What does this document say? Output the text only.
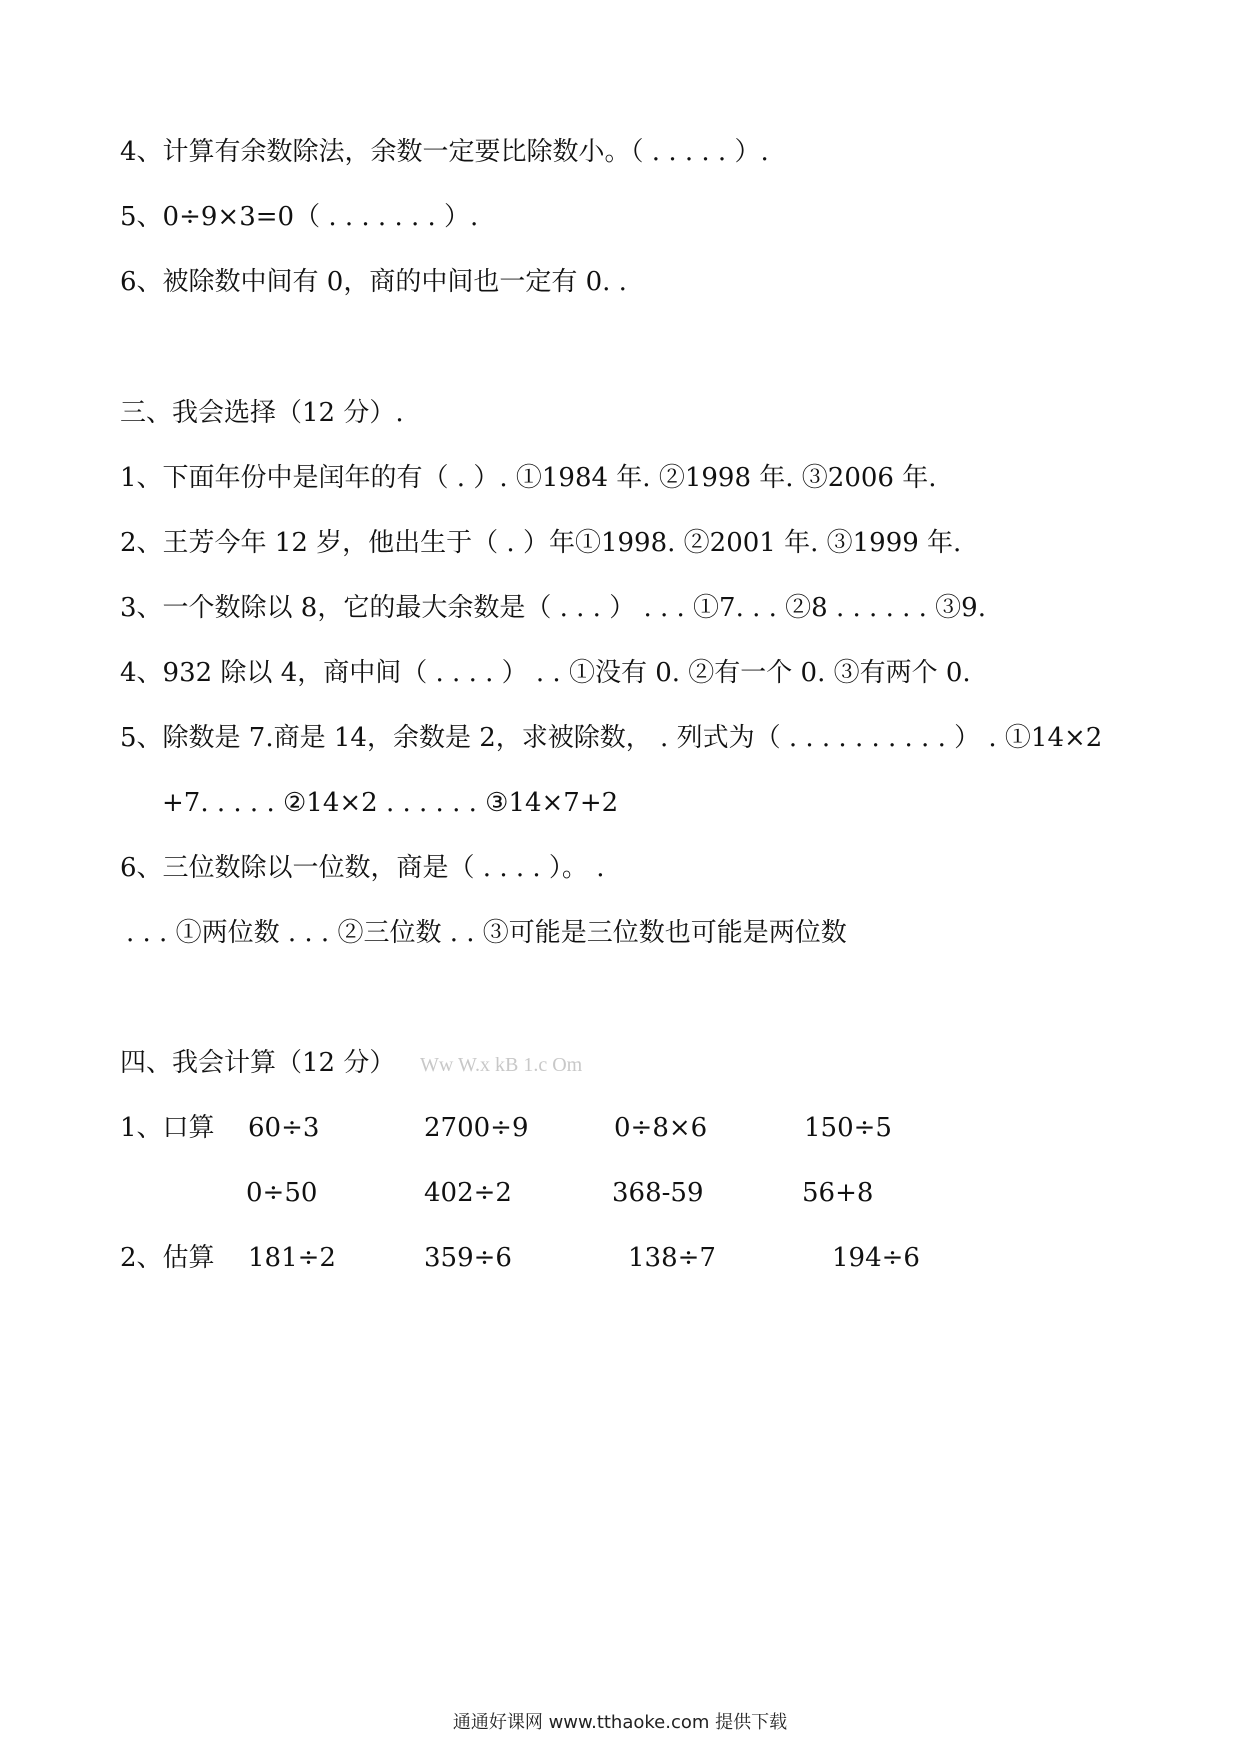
4、计算有余数除法，余数一定要比除数小。（ . . . . . ）.
5、0÷9×3=0（ . . . . . . . ）.
6、被除数中间有 0，商的中间也一定有 0. .
三、我会选择（12 分）.
1、下面年份中是闰年的有（ . ）. ①1984 年. ②1998 年. ③2006 年.
2、王芳今年 12 岁，他出生于（ . ）年①1998. ②2001 年. ③1999 年.
3、一个数除以 8，它的最大余数是（ . . . ） . . . ①7. . . ②8 . . . . . . ③9.
4、932 除以 4，商中间（ . . . . ） . . ①没有 0. ②有一个 0. ③有两个 0.
5、除数是 7.商是 14，余数是 2，求被除数， . 列式为（ . . . . . . . . . . ） . ①14×2
+7. . . . . ②14×2 . . . . . . ③14×7+2
6、三位数除以一位数，商是（ . . . . ）。 .
. . . ①两位数 . . . ②三位数 . . ③可能是三位数也可能是两位数
四、我会计算（12 分） Ww W.x kB 1.c Om
1、口算 60÷3	2700÷9	0÷8×6	150÷5
0÷50	402÷2	368-59	56+8
2、估算 181÷2	359÷6	138÷7	194÷6
通通好课网 www.tthaoke.com 提供下载
